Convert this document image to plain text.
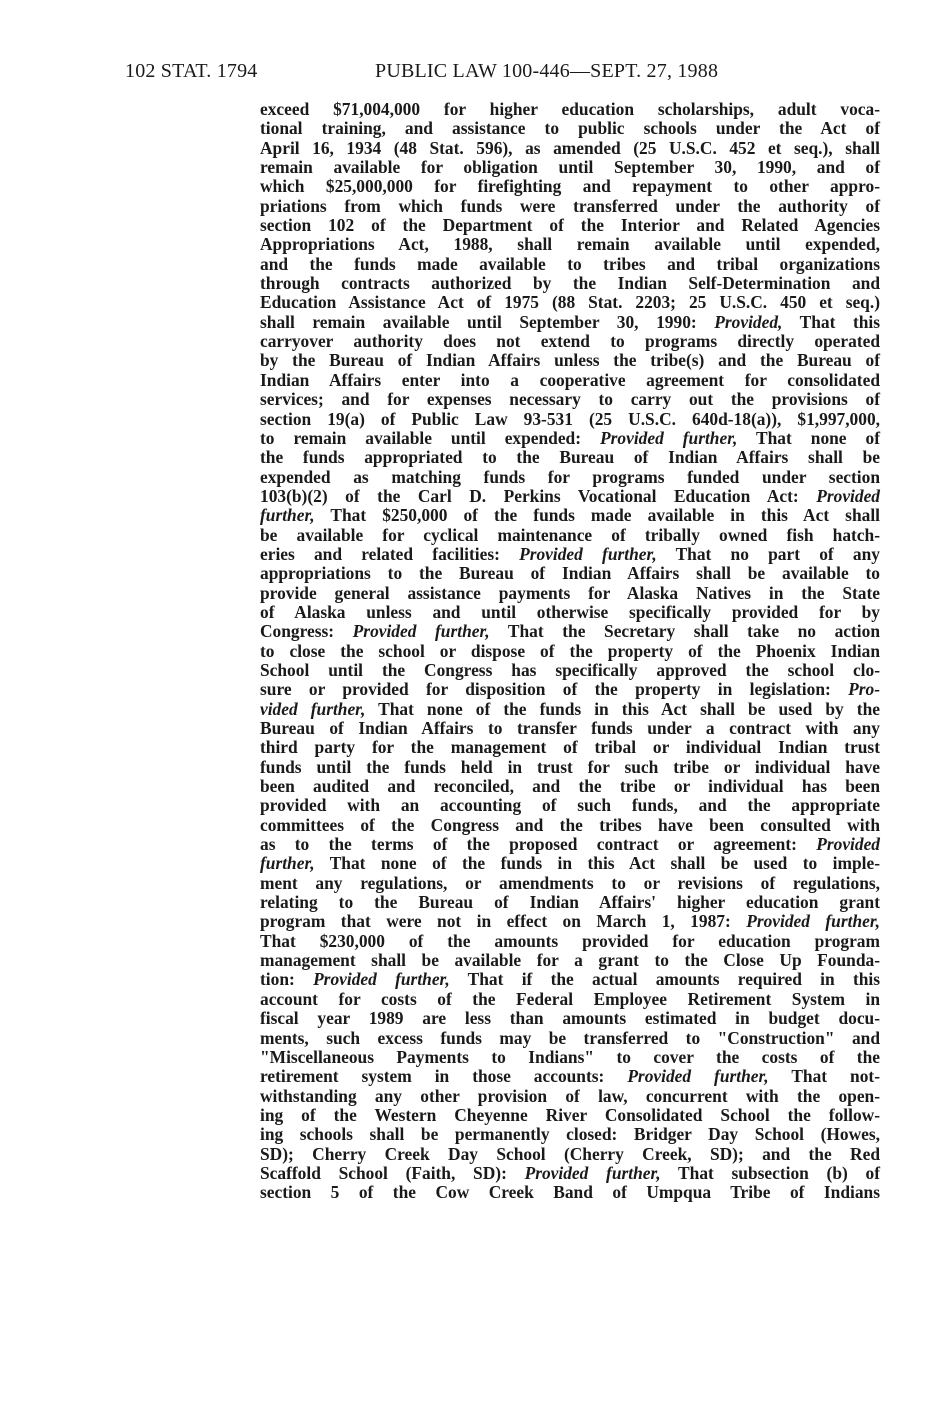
102 STAT. 1794	PUBLIC LAW 100-446—SEPT. 27, 1988
exceed $71,004,000 for higher education scholarships, adult voca-
tional training, and assistance to public schools under the Act of
April 16, 1934 (48 Stat. 596), as amended (25 U.S.C. 452 et seq.), shall
remain available for obligation until September 30, 1990, and of
which $25,000,000 for firefighting and repayment to other appro-
priations from which funds were transferred under the authority of
section 102 of the Department of the Interior and Related Agencies
Appropriations Act, 1988, shall remain available until expended,
and the funds made available to tribes and tribal organizations
through contracts authorized by the Indian Self-Determination and
Education Assistance Act of 1975 (88 Stat. 2203; 25 U.S.C. 450 et seq.)
shall remain available until September 30, 1990: Provided, That this
carryover authority does not extend to programs directly operated
by the Bureau of Indian Affairs unless the tribe(s) and the Bureau of
Indian Affairs enter into a cooperative agreement for consolidated
services; and for expenses necessary to carry out the provisions of
section 19(a) of Public Law 93-531 (25 U.S.C. 640d-18(a)), $1,997,000,
to remain available until expended: Provided further, That none of
the funds appropriated to the Bureau of Indian Affairs shall be
expended as matching funds for programs funded under section
103(b)(2) of the Carl D. Perkins Vocational Education Act: Provided
further, That $250,000 of the funds made available in this Act shall
be available for cyclical maintenance of tribally owned fish hatch-
eries and related facilities: Provided further, That no part of any
appropriations to the Bureau of Indian Affairs shall be available to
provide general assistance payments for Alaska Natives in the State
of Alaska unless and until otherwise specifically provided for by
Congress: Provided further, That the Secretary shall take no action
to close the school or dispose of the property of the Phoenix Indian
School until the Congress has specifically approved the school clo-
sure or provided for disposition of the property in legislation: Pro-
vided further, That none of the funds in this Act shall be used by the
Bureau of Indian Affairs to transfer funds under a contract with any
third party for the management of tribal or individual Indian trust
funds until the funds held in trust for such tribe or individual have
been audited and reconciled, and the tribe or individual has been
provided with an accounting of such funds, and the appropriate
committees of the Congress and the tribes have been consulted with
as to the terms of the proposed contract or agreement: Provided
further, That none of the funds in this Act shall be used to imple-
ment any regulations, or amendments to or revisions of regulations,
relating to the Bureau of Indian Affairs' higher education grant
program that were not in effect on March 1, 1987: Provided further,
That $230,000 of the amounts provided for education program
management shall be available for a grant to the Close Up Founda-
tion: Provided further, That if the actual amounts required in this
account for costs of the Federal Employee Retirement System in
fiscal year 1989 are less than amounts estimated in budget docu-
ments, such excess funds may be transferred to "Construction" and
"Miscellaneous Payments to Indians" to cover the costs of the
retirement system in those accounts: Provided further, That not-
withstanding any other provision of law, concurrent with the open-
ing of the Western Cheyenne River Consolidated School the follow-
ing schools shall be permanently closed: Bridger Day School (Howes,
SD); Cherry Creek Day School (Cherry Creek, SD); and the Red
Scaffold School (Faith, SD): Provided further, That subsection (b) of
section 5 of the Cow Creek Band of Umpqua Tribe of Indians
